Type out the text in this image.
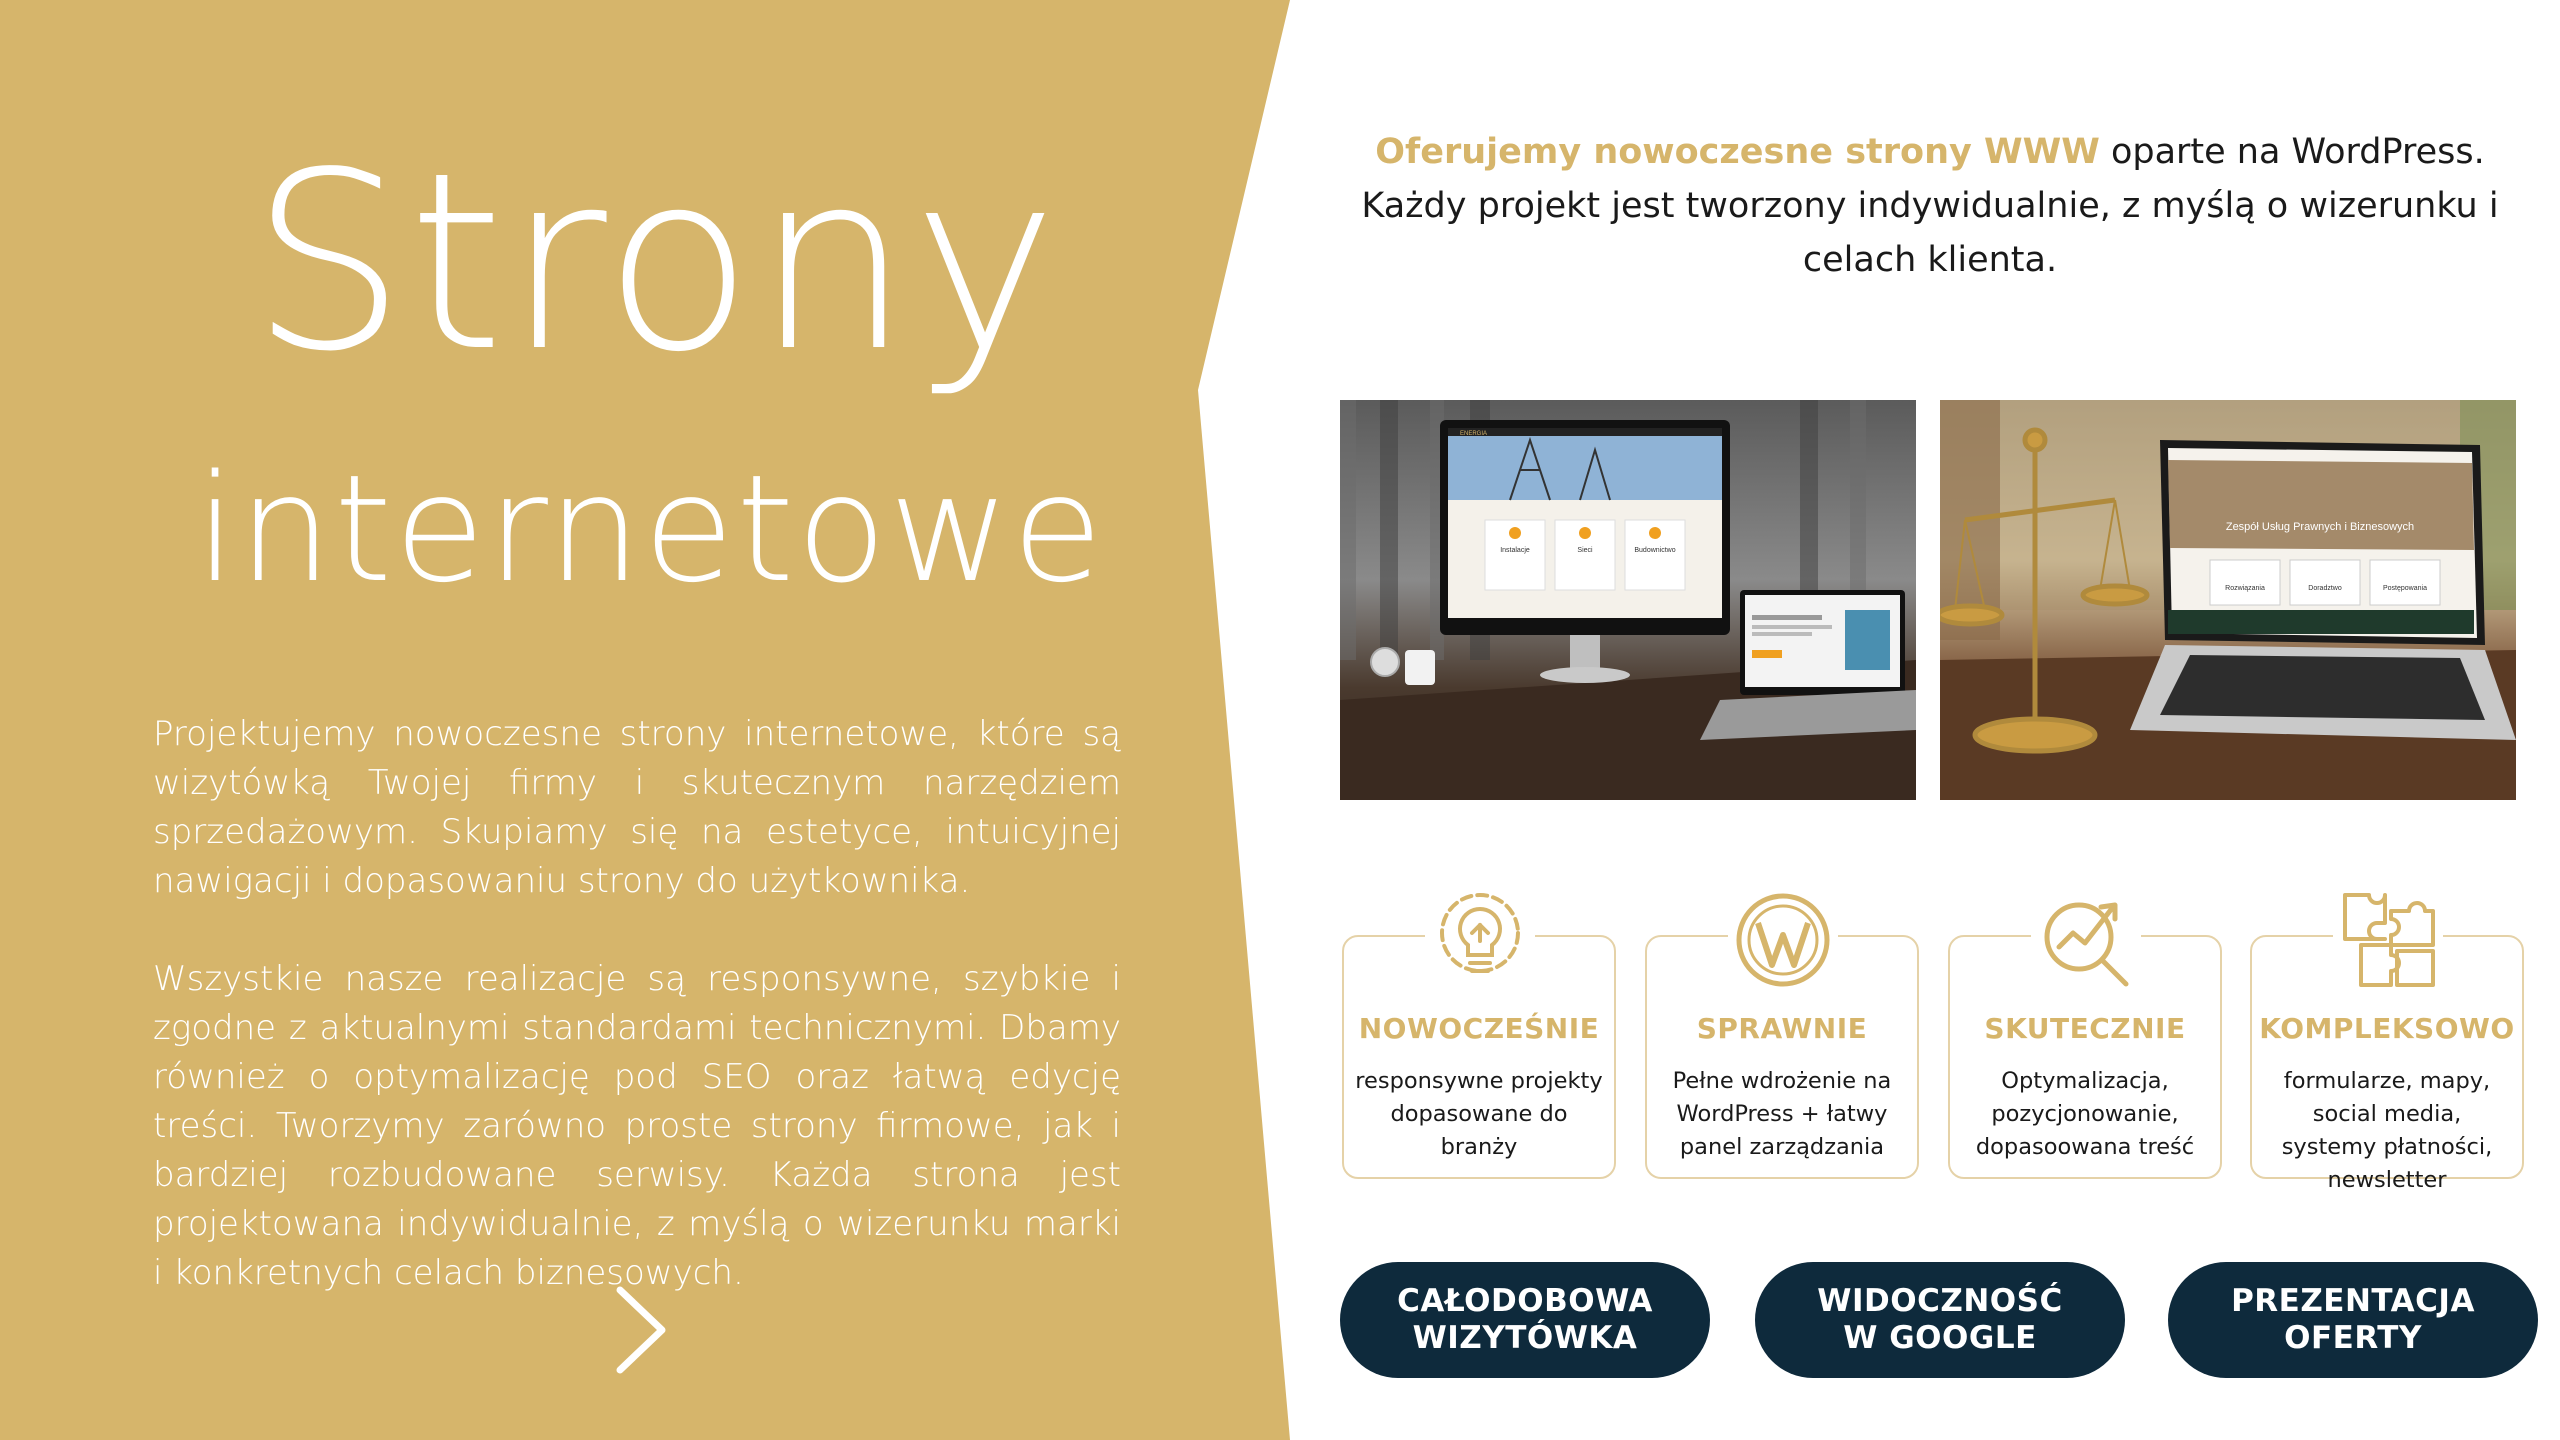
Strony
internetowe
Projektujemy nowoczesne strony internetowe, które są wizytówką Twojej firmy i skutecznym narzędziem sprzedażowym. Skupiamy się na estetyce, intuicyjnej nawigacji i dopasowaniu strony do użytkownika.
Wszystkie nasze realizacje są responsywne, szybkie i zgodne z aktualnymi standardami technicznymi. Dbamy również o optymalizację pod SEO oraz łatwą edycję treści. Tworzymy zarówno proste strony firmowe, jak i bardziej rozbudowane serwisy. Każda strona jest projektowana indywidualnie, z myślą o wizerunku marki i konkretnych celach biznesowych.
Oferujemy nowoczesne strony WWW oparte na WordPress. Każdy projekt jest tworzony indywidualnie, z myślą o wizerunku i celach klienta.
ENERGIA
Instalacje	Sieci	Budownictwo
Zespół Usług Prawnych i Biznesowych
Rozwiązania	Doradztwo	Postępowania
NOWOCZEŚNIE
responsywne projekty dopasowane do branży
SPRAWNIE
Pełne wdrożenie na WordPress + łatwy panel zarządzania
SKUTECZNIE
Optymalizacja, pozycjonowanie, dopasoowana treść
KOMPLEKSOWO
formularze, mapy, social media, systemy płatności, newsletter
CAŁODOBOWA
WIZYTÓWKA
WIDOCZNOŚĆ
W GOOGLE
PREZENTACJA
OFERTY
